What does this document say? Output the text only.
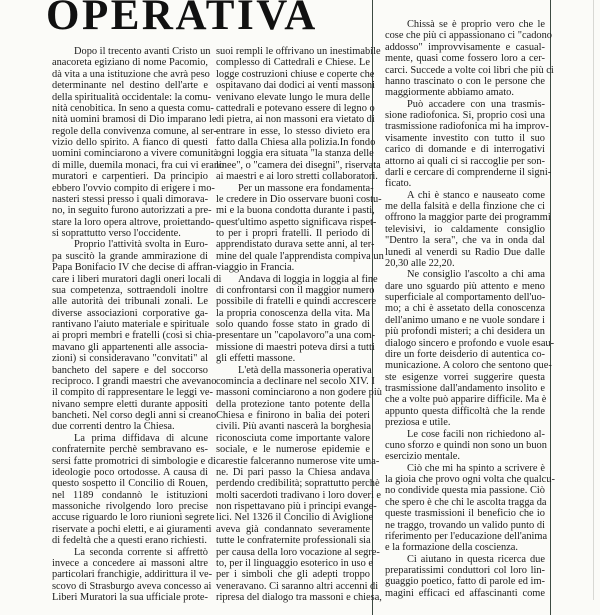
OPERATIVA
Dopo il trecento avanti Cristo un
anacoreta egiziano di nome Pacomio,
dà vita a una istituzione che avrà peso
determinante nel destino dell'arte e
della spiritualità occidentale: la comu-
nità cenobitica. In seno a questa comu-
nità uomini bramosi di Dio imparano le
regole della convivenza comune, al ser-
vizio dello spirito. A fianco di questi
uomini cominciarono a vivere comunità
di mille, duemila monaci, fra cui vi erano
muratori e carpentieri. Da principio
ebbero l'ovvio compito di erigere i mo-
nasteri stessi presso i quali dimorava-
no, in seguito furono autorizzati a pre-
stare la loro opera altrove, proiettando-
si soprattutto verso l'occidente.
Proprio l'attività svolta in Euro-
pa suscitò la grande ammirazione di
Papa Bonifacio IV che decise di affran-
care i liberi muratori dagli oneri locali di
sua competenza, sottraendoli inoltre
alle autorità dei tribunali zonali. Le
diverse associazioni corporative ga-
rantivano l'aiuto materiale e spirituale
ai propri membri e fratelli (così si chia-
mavano gli appartenenti alle associa-
zioni) si consideravano "convitati" al
bancheto del sapere e del soccorso
reciproco. I grandi maestri che avevano
il compito di rappresentare le leggi ve-
nivano sempre eletti durante appositi
bancheti. Nel corso degli anni si creano
due correnti dentro la Chiesa.
La prima diffidava di alcune
confraternite perchè sembravano es-
sersi fatte promotrici di simbologie e di
ideologie poco ortodosse. A causa di
questo sospetto il Concilio di Rouen,
nel 1189 condannò le istituzioni
massoniche rivolgendo loro precise
accuse riguardo le loro riunioni segrete
riservate a pochi eletti, e ai giuramenti
di fedeltà che a questi erano richiesti.
La seconda corrente si affrettò
invece a concedere ai massoni altre
particolari franchigie, addirittura il ve-
scovo di Strasburgo aveva concesso ai
Liberi Muratori la sua ufficiale prote-
suoi rempli le offrivano un inestimabile
complesso di Cattedrali e Chiese. Le
logge costruzioni chiuse e coperte che
ospitavano dai dodici ai venti massoni
venivano elevate lungo le mura delle
cattedrali e potevano essere di legno o
di pietra, ai non massoni era vietato di
entrare in esse, lo stesso divieto era
fatto dalla Chiesa alla polizia.In fondo
ogni loggia era situata "la stanza delle
linee", o "camera dei disegni", riservata
ai maestri e ai loro stretti collaboratori.
Per un massone era fondamenta-
le credere in Dio osservare buoni costu-
mi e la buona condotta durante i pasti,
quest'ultimo aspetto significava rispet-
to per i propri fratelli. Il periodo di
apprendistato durava sette anni, al ter-
mine del quale l'apprendista compiva un
viaggio in Francia.
Andava di loggia in loggia al fine
di confrontarsi con il maggior numero
possibile di fratelli e quindi accrescere
la propria conoscenza della vita. Ma
solo quando fosse stato in grado di
presentare un "capolavoro"a una com-
missione di maestri poteva dirsi a tutti
gli effetti massone.
L'età della massoneria operativa
comincia a declinare nel secolo XIV. I
massoni cominciarono a non godere più
della protezione tanto potente della
Chiesa e finirono in balìa dei poteri
civili. Più avanti nascerà la borghesia
riconosciuta come importante valore
sociale, e le numerose epidemie e
carestie falceranno numerose vite uma-
ne. Di pari passo la Chiesa andava
perdendo credibilità; soprattutto perchè
molti sacerdoti tradivano i loro doveri e
non rispettavano più i principi evange-
lici. Nel 1326 il Concilio di Aviglione
aveva già condannato severamente
tutte le confraternite professionali sia
per causa della loro vocazione al segre-
to, per il linguaggio esoterico in uso e
per i simboli che gli adepti troppo
veneravano. Ci saranno altri accenni di
ripresa del dialogo tra massoni e chiesa,
Chissà se è proprio vero che le
cose che più ci appassionano ci "cadono
addosso" improvvisamente e casual-
mente, quasi come fossero loro a cer-
carci. Succede a volte coi libri che più ci
hanno trascinato o con le persone che
maggiormente abbiamo amato.
Può accadere con una trasmis-
sione radiofonica. Si, proprio così una
trasmissione radiofonica mi ha improv-
visamente investito con tutto il suo
carico di domande e di interrogativi
attorno ai quali ci si raccoglie per son-
darli e cercare di comprenderne il signi-
ficato.
A chi è stanco e nauseato come
me della falsità e della finzione che ci
offrono la maggior parte dei programmi
televisivi, io caldamente consiglio
"Dentro la sera", che va in onda dal
lunedì al venerdì su Radio Due dalle
20,30 alle 22,20.
Ne consiglio l'ascolto a chi ama
dare uno sguardo più attento e meno
superficiale al comportamento dell'uo-
mo; a chi è assetato della conoscenza
dell'animo umano e ne vuole sondare i
più profondi misteri; a chi desidera un
dialogo sincero e profondo e vuole esau-
dire un forte deisderio di autentica co-
municazione. A coloro che sentono que-
ste esigenze vorrei suggerire questa
trasmissione dall'andamento insolito e
che a volte può apparire difficile. Ma è
appunto questa difficoltà che la rende
preziosa e utile.
Le cose facili non richiedono al-
cuno sforzo e quindi non sono un buon
esercizio mentale.
Ciò che mi ha spinto a scrivere è
la gioia che provo ogni volta che qualcu-
no condivide questa mia passione. Ciò
che spero è che chi le ascolta tragga da
queste trasmissioni il beneficio che io
ne traggo, trovando un valido punto di
riferimento per l'educazione dell'anima
e la formazione della coscienza.
Ci aiutano in questa ricerca due
preparatissimi conduttori col loro lin-
guaggio poetico, fatto di parole ed im-
magini efficaci ed affascinanti come
